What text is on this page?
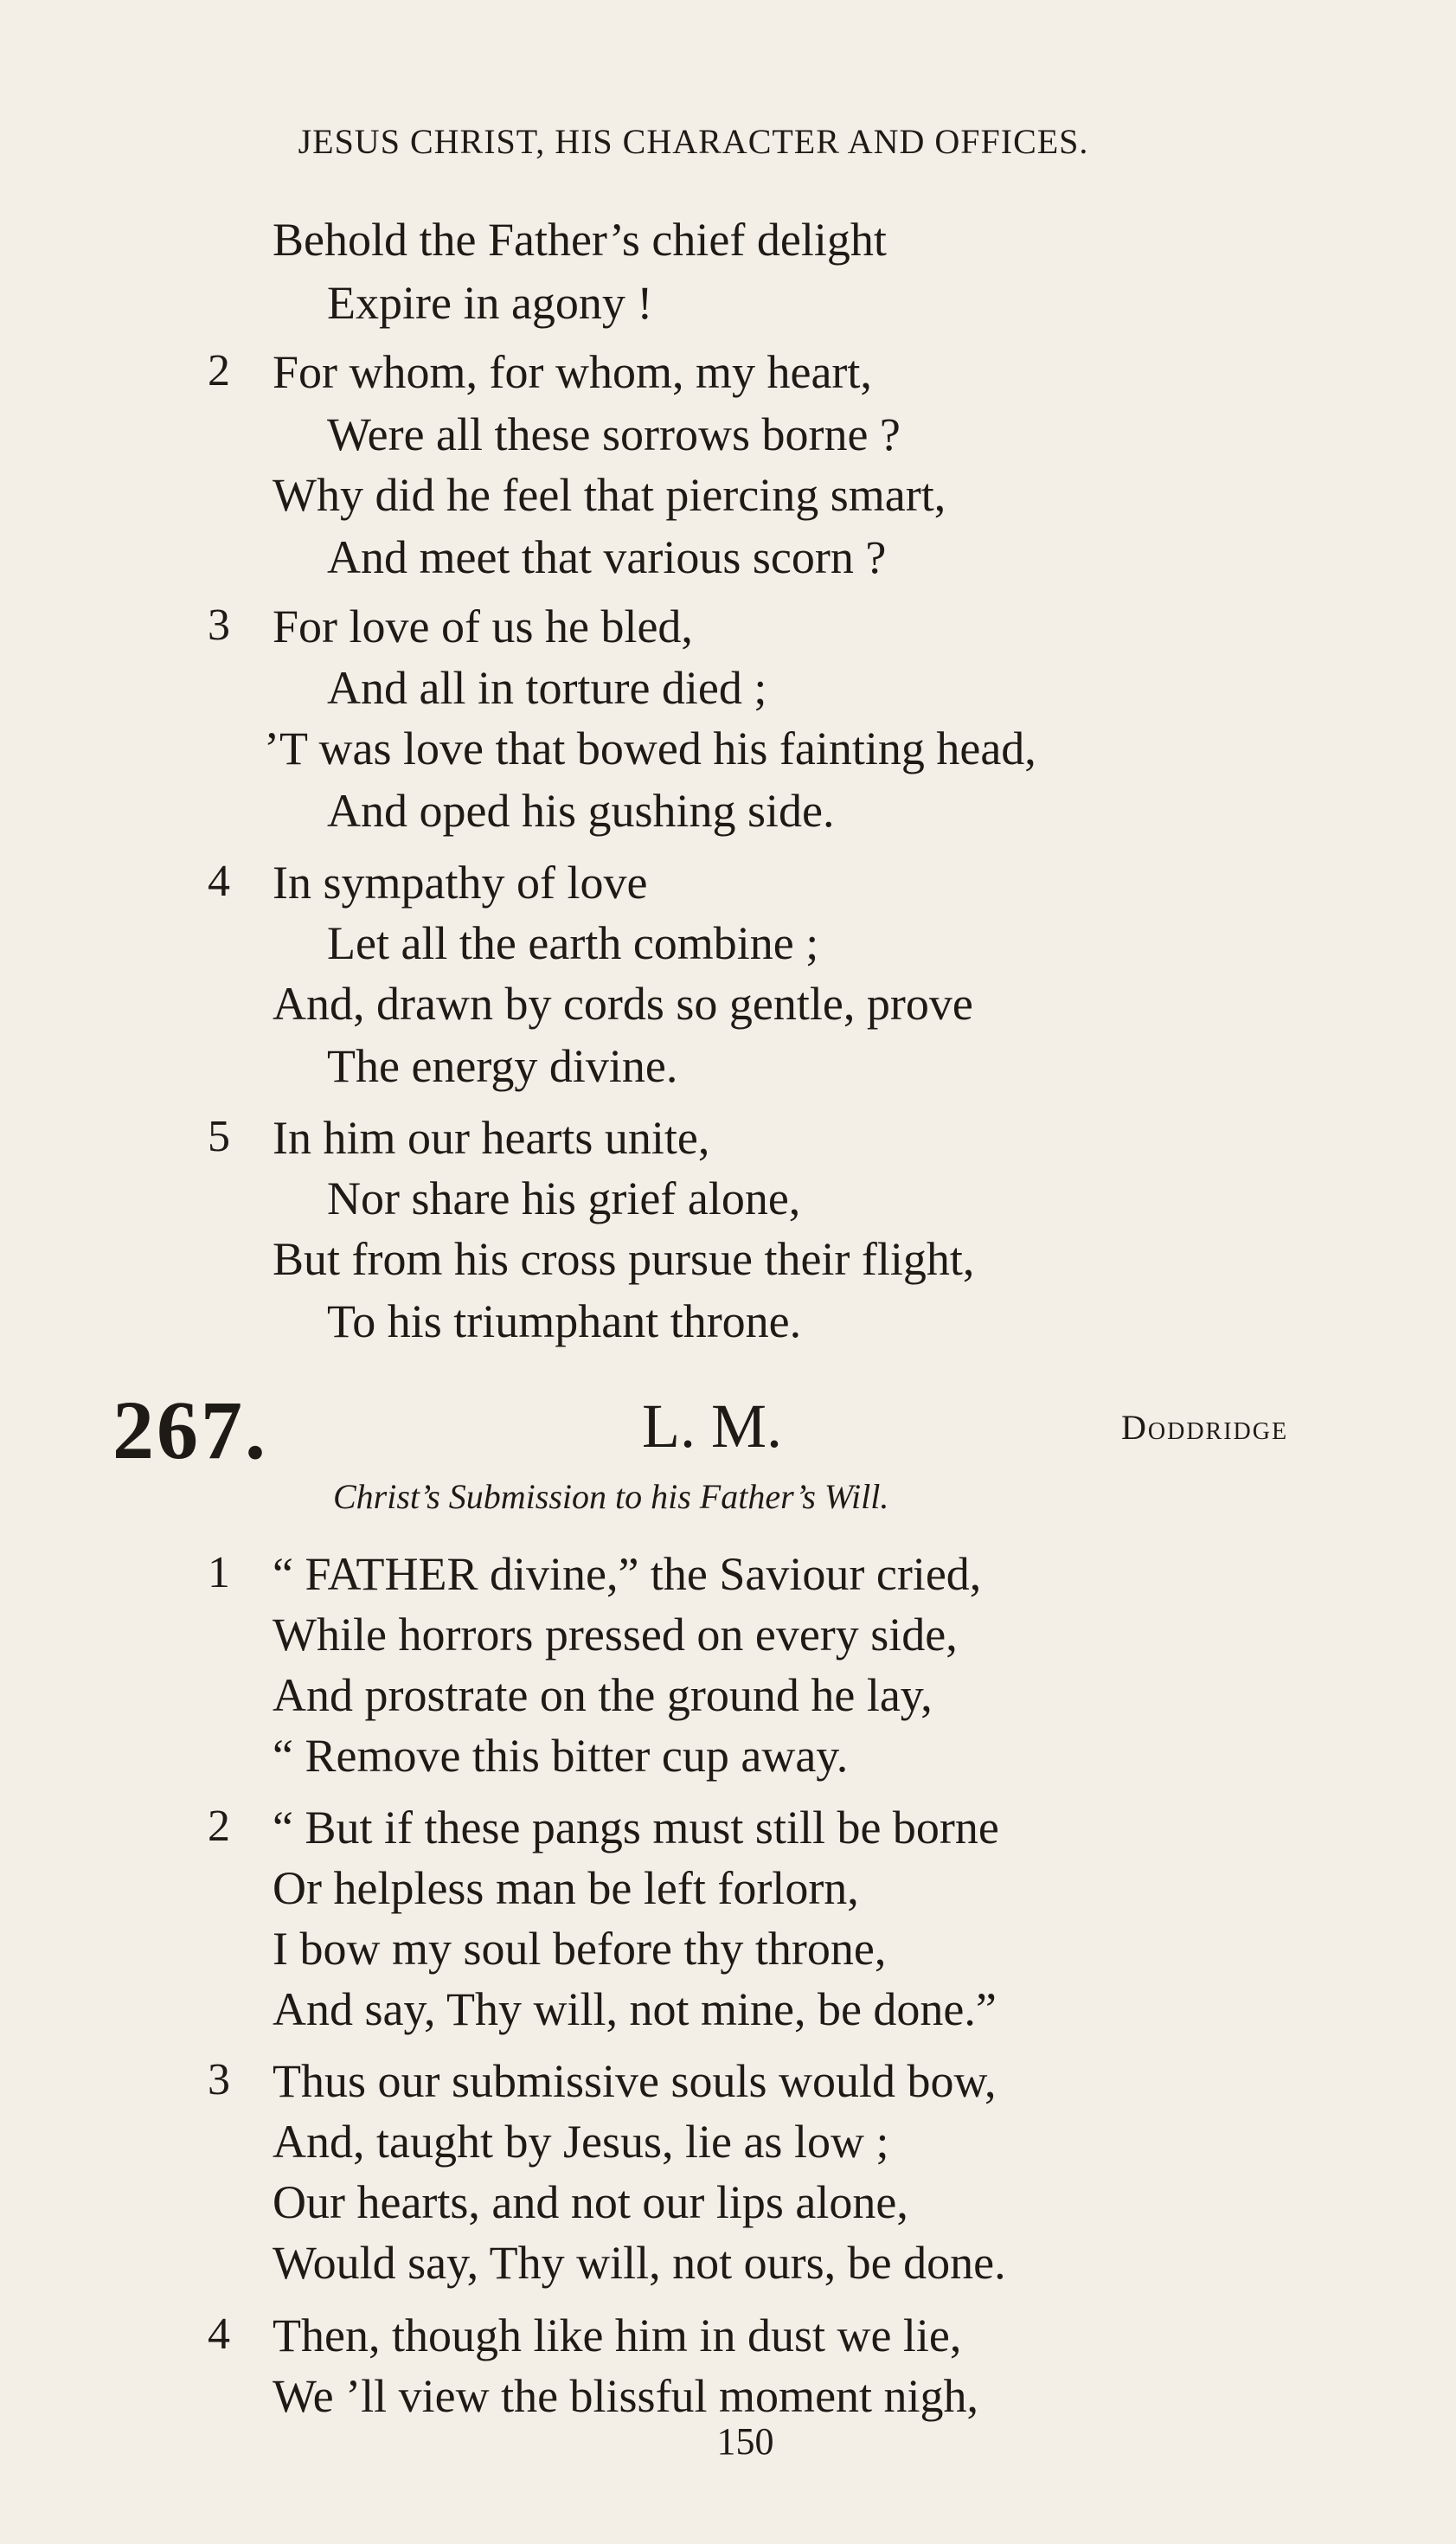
JESUS CHRIST, HIS CHARACTER AND OFFICES.
Behold the Father’s chief delight
Expire in agony !
2 For whom, for whom, my heart,
Were all these sorrows borne ?
Why did he feel that piercing smart,
And meet that various scorn ?
3 For love of us he bled,
And all in torture died ;
’T was love that bowed his fainting head,
And oped his gushing side.
4 In sympathy of love
Let all the earth combine ;
And, drawn by cords so gentle, prove
The energy divine.
5 In him our hearts unite,
Nor share his grief alone,
But from his cross pursue their flight,
To his triumphant throne.
267.	L. M.	Doddridge
Christ’s Submission to his Father’s Will.
1 “ FATHER divine,” the Saviour cried,
While horrors pressed on every side,
And prostrate on the ground he lay,
“ Remove this bitter cup away.
2 “ But if these pangs must still be borne
Or helpless man be left forlorn,
I bow my soul before thy throne,
And say, Thy will, not mine, be done.”
3 Thus our submissive souls would bow,
And, taught by Jesus, lie as low ;
Our hearts, and not our lips alone,
Would say, Thy will, not ours, be done.
4 Then, though like him in dust we lie,
We ’ll view the blissful moment nigh,
150
